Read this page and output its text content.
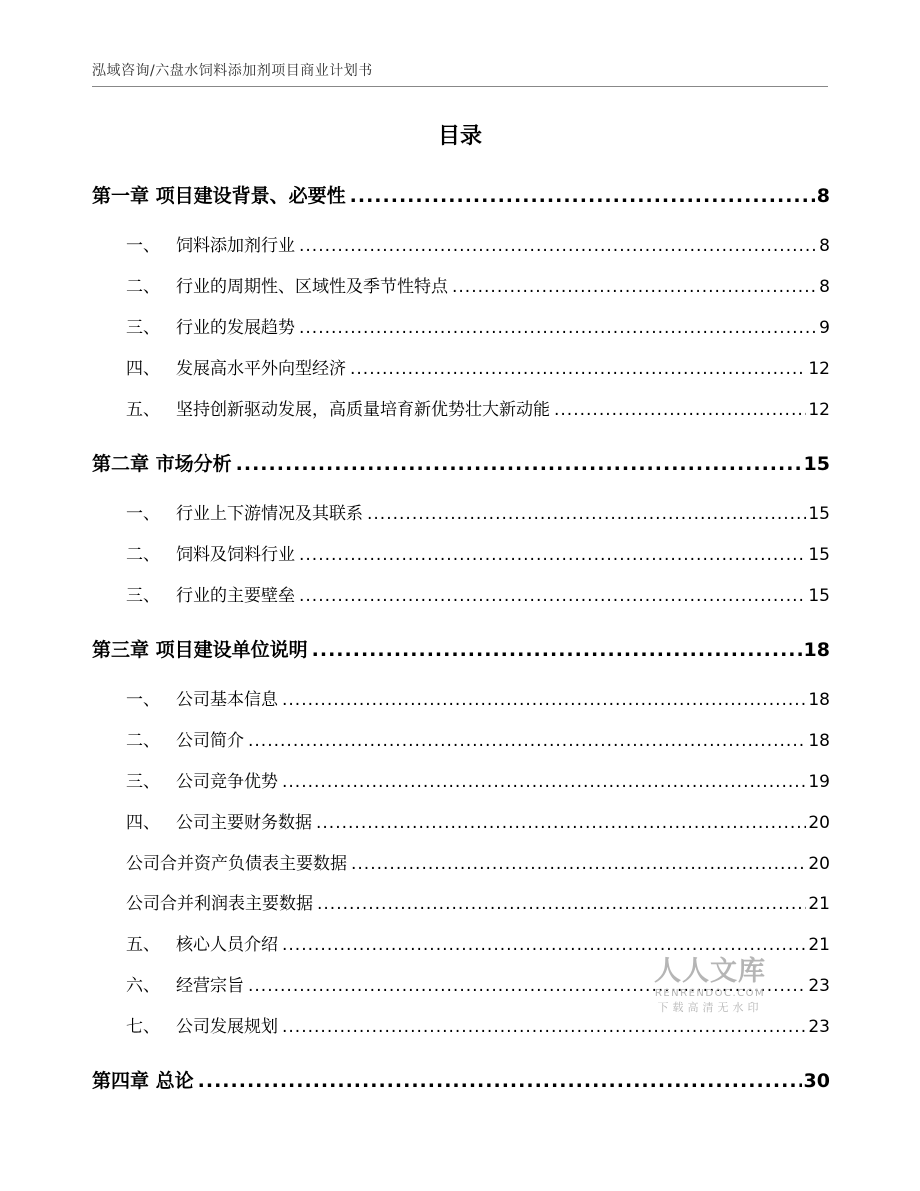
泓域咨询/六盘水饲料添加剂项目商业计划书
目录
第一章 项目建设背景、必要性 .....	8
一、 饲料添加剂行业 .....	8
二、 行业的周期性、区域性及季节性特点 .....	8
三、 行业的发展趋势 .....	9
四、 发展高水平外向型经济 .....	12
五、 坚持创新驱动发展，高质量培育新优势壮大新动能 .....	12
第二章 市场分析 .....	15
一、 行业上下游情况及其联系 .....	15
二、 饲料及饲料行业 .....	15
三、 行业的主要壁垒 .....	15
第三章 项目建设单位说明 .....	18
一、 公司基本信息 .....	18
二、 公司简介 .....	18
三、 公司竞争优势 .....	19
四、 公司主要财务数据 .....	20
公司合并资产负债表主要数据 .....	20
公司合并利润表主要数据 .....	21
五、 核心人员介绍 .....	21
六、 经营宗旨 .....	23
七、 公司发展规划 .....	23
第四章 总论 .....	30
人人文库
RENRENDOC.COM
下载高清无水印
